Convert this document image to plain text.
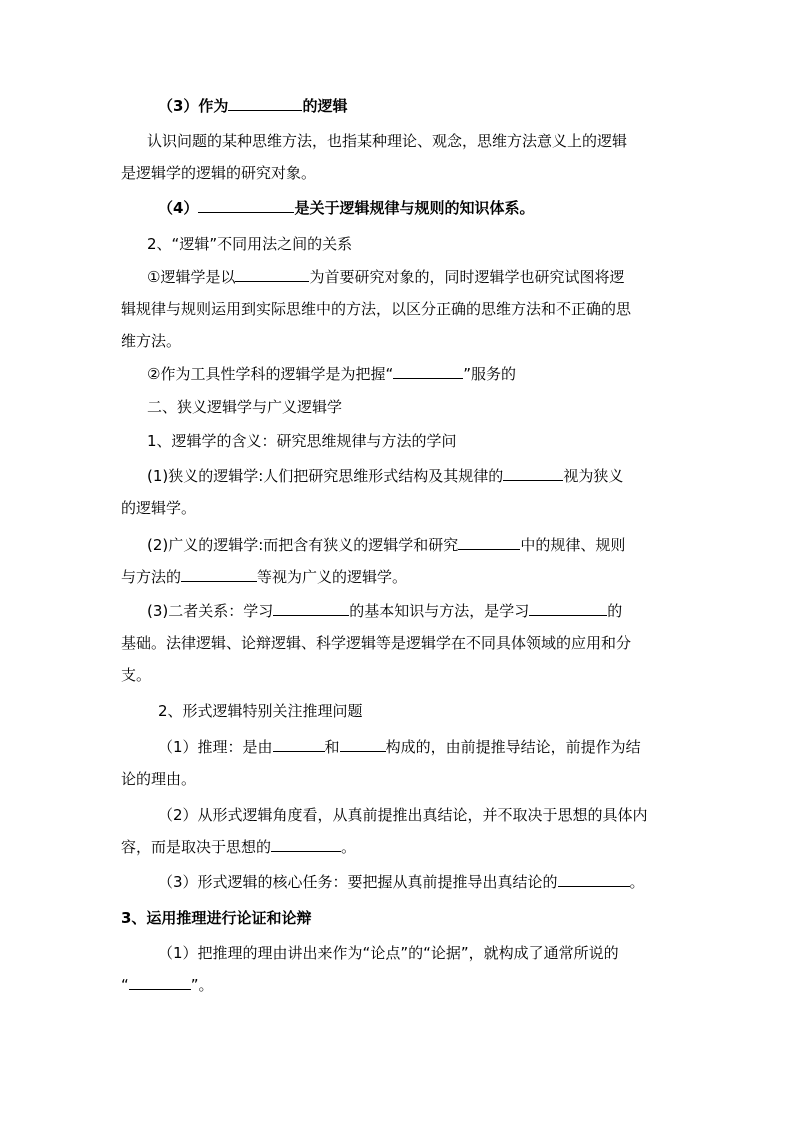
（3）作为	的逻辑
认识问题的某种思维方法，也指某种理论、观念，思维方法意义上的逻辑
是逻辑学的逻辑的研究对象。
（4）	是关于逻辑规律与规则的知识体系。
2、“逻辑”不同用法之间的关系
①逻辑学是以	为首要研究对象的，同时逻辑学也研究试图将逻
辑规律与规则运用到实际思维中的方法，以区分正确的思维方法和不正确的思
维方法。
②作为工具性学科的逻辑学是为把握“	”服务的
二、狭义逻辑学与广义逻辑学
1、逻辑学的含义：研究思维规律与方法的学问
(1)狭义的逻辑学:人们把研究思维形式结构及其规律的	视为狭义
的逻辑学。
(2)广义的逻辑学:而把含有狭义的逻辑学和研究	中的规律、规则
与方法的	等视为广义的逻辑学。
(3)二者关系：学习	的基本知识与方法，是学习	的
基础。法律逻辑、论辩逻辑、科学逻辑等是逻辑学在不同具体领域的应用和分
支。
2、形式逻辑特别关注推理问题
（1）推理：是由	和	构成的，由前提推导结论，前提作为结
论的理由。
（2）从形式逻辑角度看，从真前提推出真结论，并不取决于思想的具体内
容，而是取决于思想的	。
（3）形式逻辑的核心任务：要把握从真前提推导出真结论的	。
3、运用推理进行论证和论辩
（1）把推理的理由讲出来作为“论点”的“论据”，就构成了通常所说的
“	”。
